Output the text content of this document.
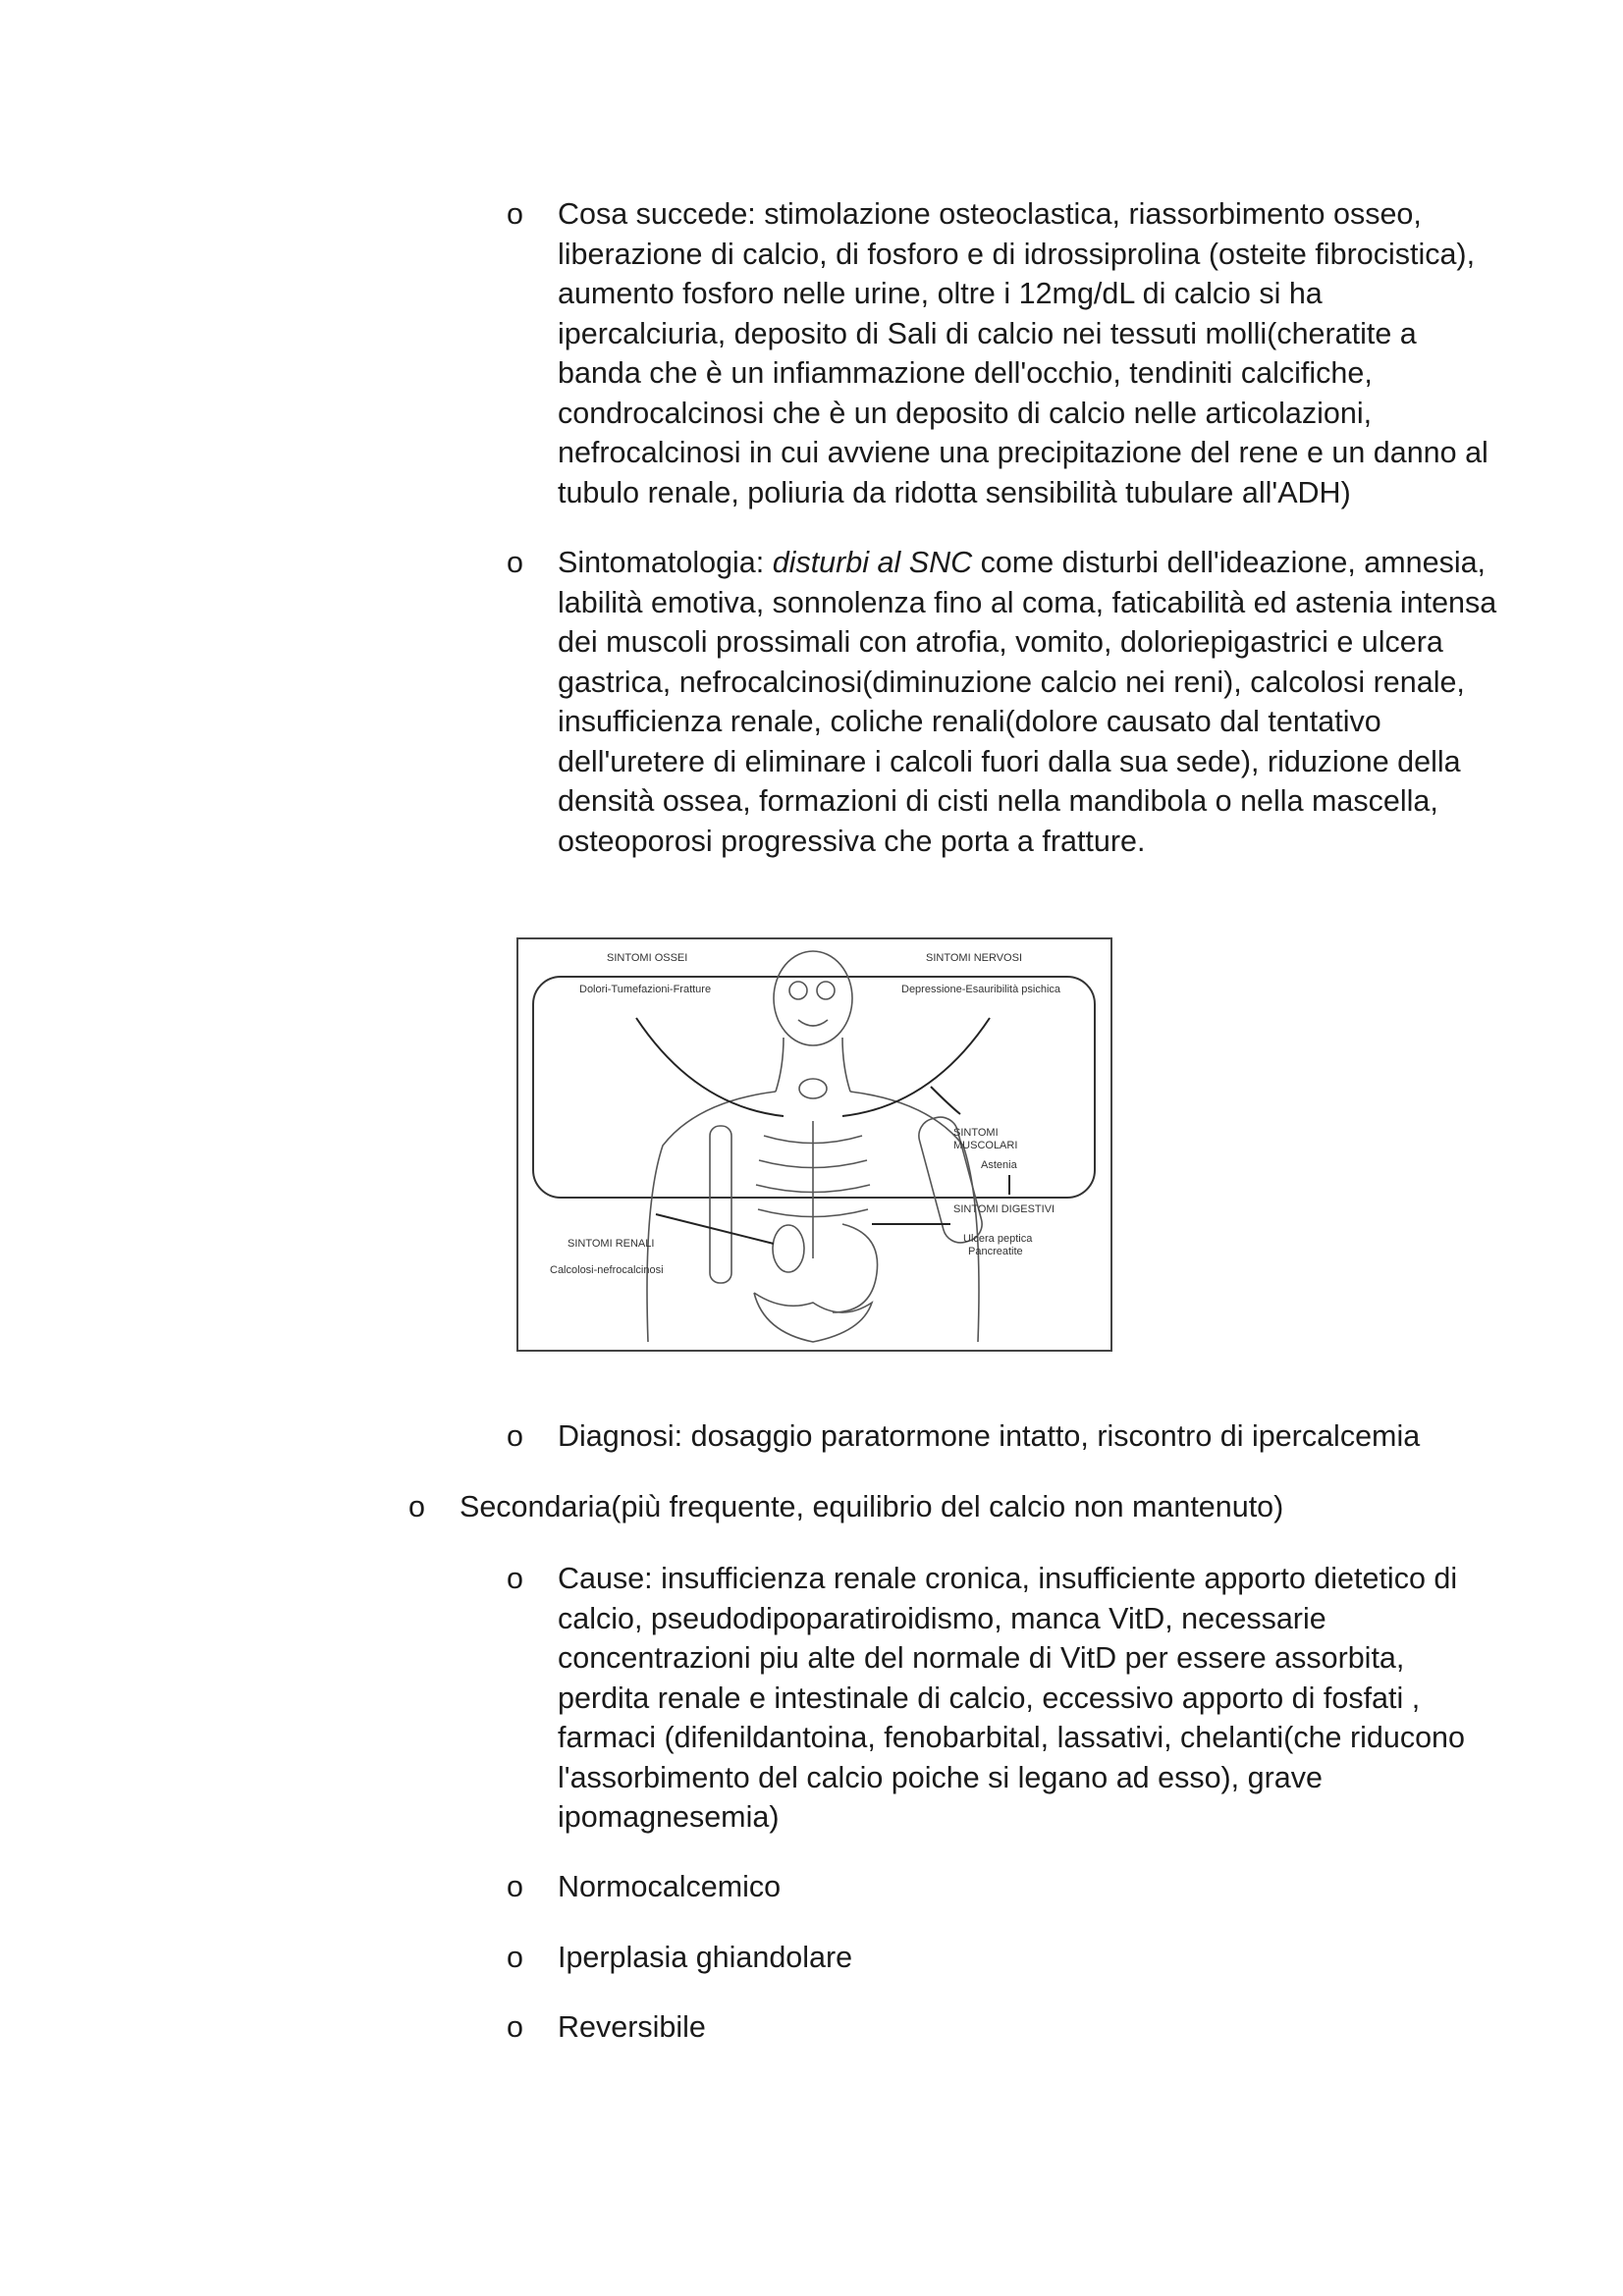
o	Cosa succede: stimolazione osteoclastica, riassorbimento osseo, liberazione di calcio, di fosforo e di idrossiprolina (osteite fibrocistica), aumento fosforo nelle urine, oltre i 12mg/dL di calcio si ha ipercalciuria, deposito di Sali di calcio nei tessuti molli(cheratite a banda che è un infiammazione dell'occhio, tendiniti calcifiche, condrocalcinosi che è un deposito di calcio nelle articolazioni, nefrocalcinosi in cui avviene una precipitazione del rene e un danno al tubulo renale, poliuria da ridotta sensibilità tubulare all'ADH)
o	Sintomatologia: disturbi al SNC come disturbi dell'ideazione, amnesia, labilità emotiva, sonnolenza fino al coma, faticabilità ed astenia intensa dei muscoli prossimali con atrofia, vomito, doloriepigastrici e ulcera gastrica, nefrocalcinosi(diminuzione calcio nei reni), calcolosi renale, insufficienza renale, coliche renali(dolore causato dal tentativo dell'uretere di eliminare i calcoli fuori dalla sua sede), riduzione della densità ossea, formazioni di cisti nella mandibola o nella mascella, osteoporosi progressiva che porta a fratture.
SINTOMI OSSEI
Dolori-Tumefazioni-Fratture
SINTOMI NERVOSI
Depressione-Esauribilità psichica
SINTOMI
MUSCOLARI
Astenia
SINTOMI DIGESTIVI
Ulcera peptica
Pancreatite
SINTOMI RENALI
Calcolosi-nefrocalcinosi
o	Diagnosi: dosaggio paratormone intatto, riscontro di ipercalcemia
o	Secondaria(più frequente, equilibrio del calcio non mantenuto)
o	Cause: insufficienza renale cronica, insufficiente apporto dietetico di calcio, pseudodipoparatiroidismo, manca VitD, necessarie concentrazioni piu alte del normale di VitD per essere assorbita, perdita renale e intestinale di calcio, eccessivo apporto di fosfati , farmaci (difenildantoina, fenobarbital, lassativi, chelanti(che riducono l'assorbimento del calcio poiche si legano ad esso), grave ipomagnesemia)
o	Normocalcemico
o	Iperplasia ghiandolare
o	Reversibile
